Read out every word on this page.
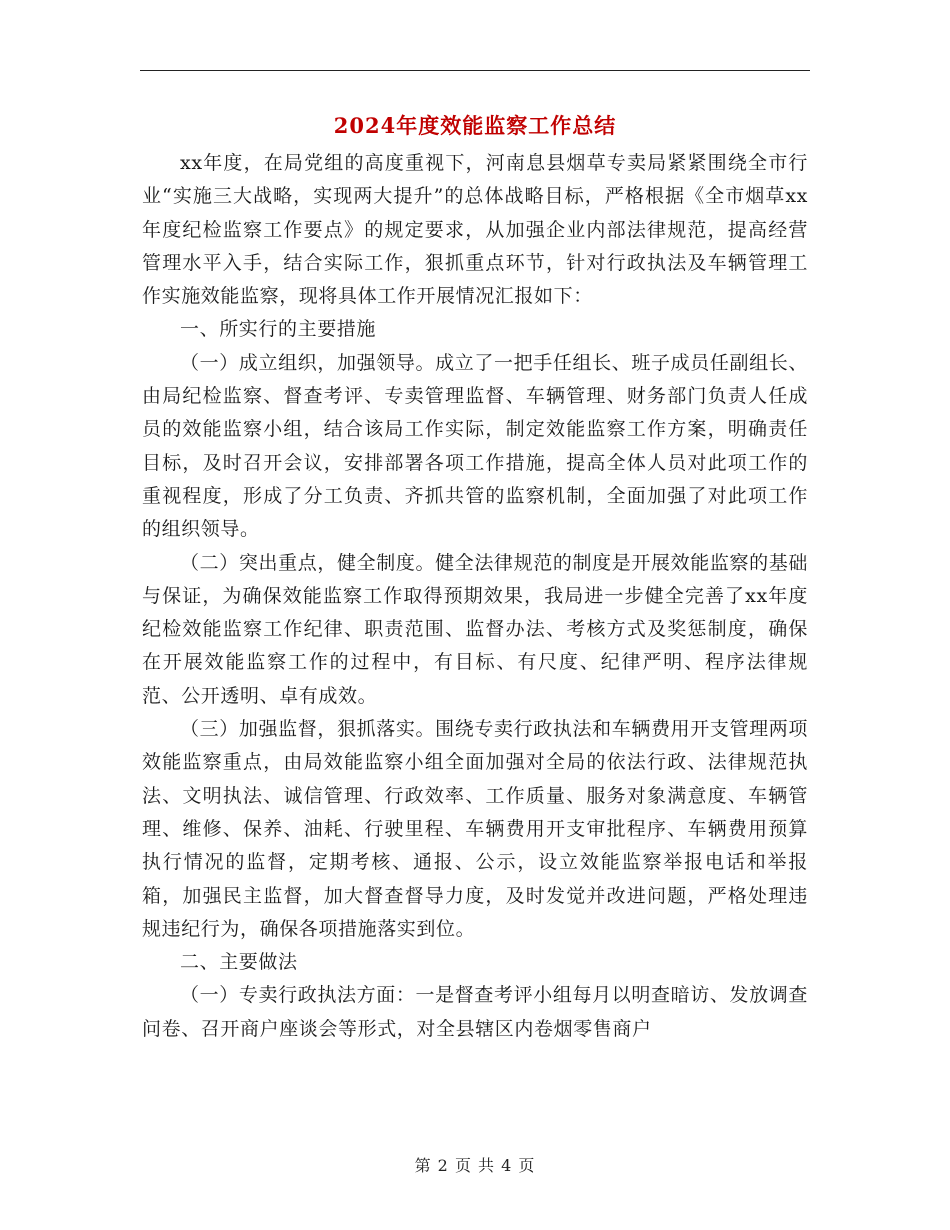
2024年度效能监察工作总结

xx年度，在局党组的高度重视下，河南息县烟草专卖局紧紧围绕全市行业“实施三大战略，实现两大提升”的总体战略目标，严格根据《全市烟草xx年度纪检监察工作要点》的规定要求，从加强企业内部法律规范，提高经营管理水平入手，结合实际工作，狠抓重点环节，针对行政执法及车辆管理工作实施效能监察，现将具体工作开展情况汇报如下：

一、所实行的主要措施

（一）成立组织，加强领导。成立了一把手任组长、班子成员任副组长、由局纪检监察、督查考评、专卖管理监督、车辆管理、财务部门负责人任成员的效能监察小组，结合该局工作实际，制定效能监察工作方案，明确责任目标，及时召开会议，安排部署各项工作措施，提高全体人员对此项工作的重视程度，形成了分工负责、齐抓共管的监察机制，全面加强了对此项工作的组织领导。

（二）突出重点，健全制度。健全法律规范的制度是开展效能监察的基础与保证，为确保效能监察工作取得预期效果，我局进一步健全完善了xx年度纪检效能监察工作纪律、职责范围、监督办法、考核方式及奖惩制度，确保在开展效能监察工作的过程中，有目标、有尺度、纪律严明、程序法律规范、公开透明、卓有成效。

（三）加强监督，狠抓落实。围绕专卖行政执法和车辆费用开支管理两项效能监察重点，由局效能监察小组全面加强对全局的依法行政、法律规范执法、文明执法、诚信管理、行政效率、工作质量、服务对象满意度、车辆管理、维修、保养、油耗、行驶里程、车辆费用开支审批程序、车辆费用预算执行情况的监督，定期考核、通报、公示，设立效能监察举报电话和举报箱，加强民主监督，加大督查督导力度，及时发觉并改进问题，严格处理违规违纪行为，确保各项措施落实到位。

二、主要做法

（一）专卖行政执法方面：一是督查考评小组每月以明查暗访、发放调查问卷、召开商户座谈会等形式，对全县辖区内卷烟零售商户

第 2 页 共 4 页
